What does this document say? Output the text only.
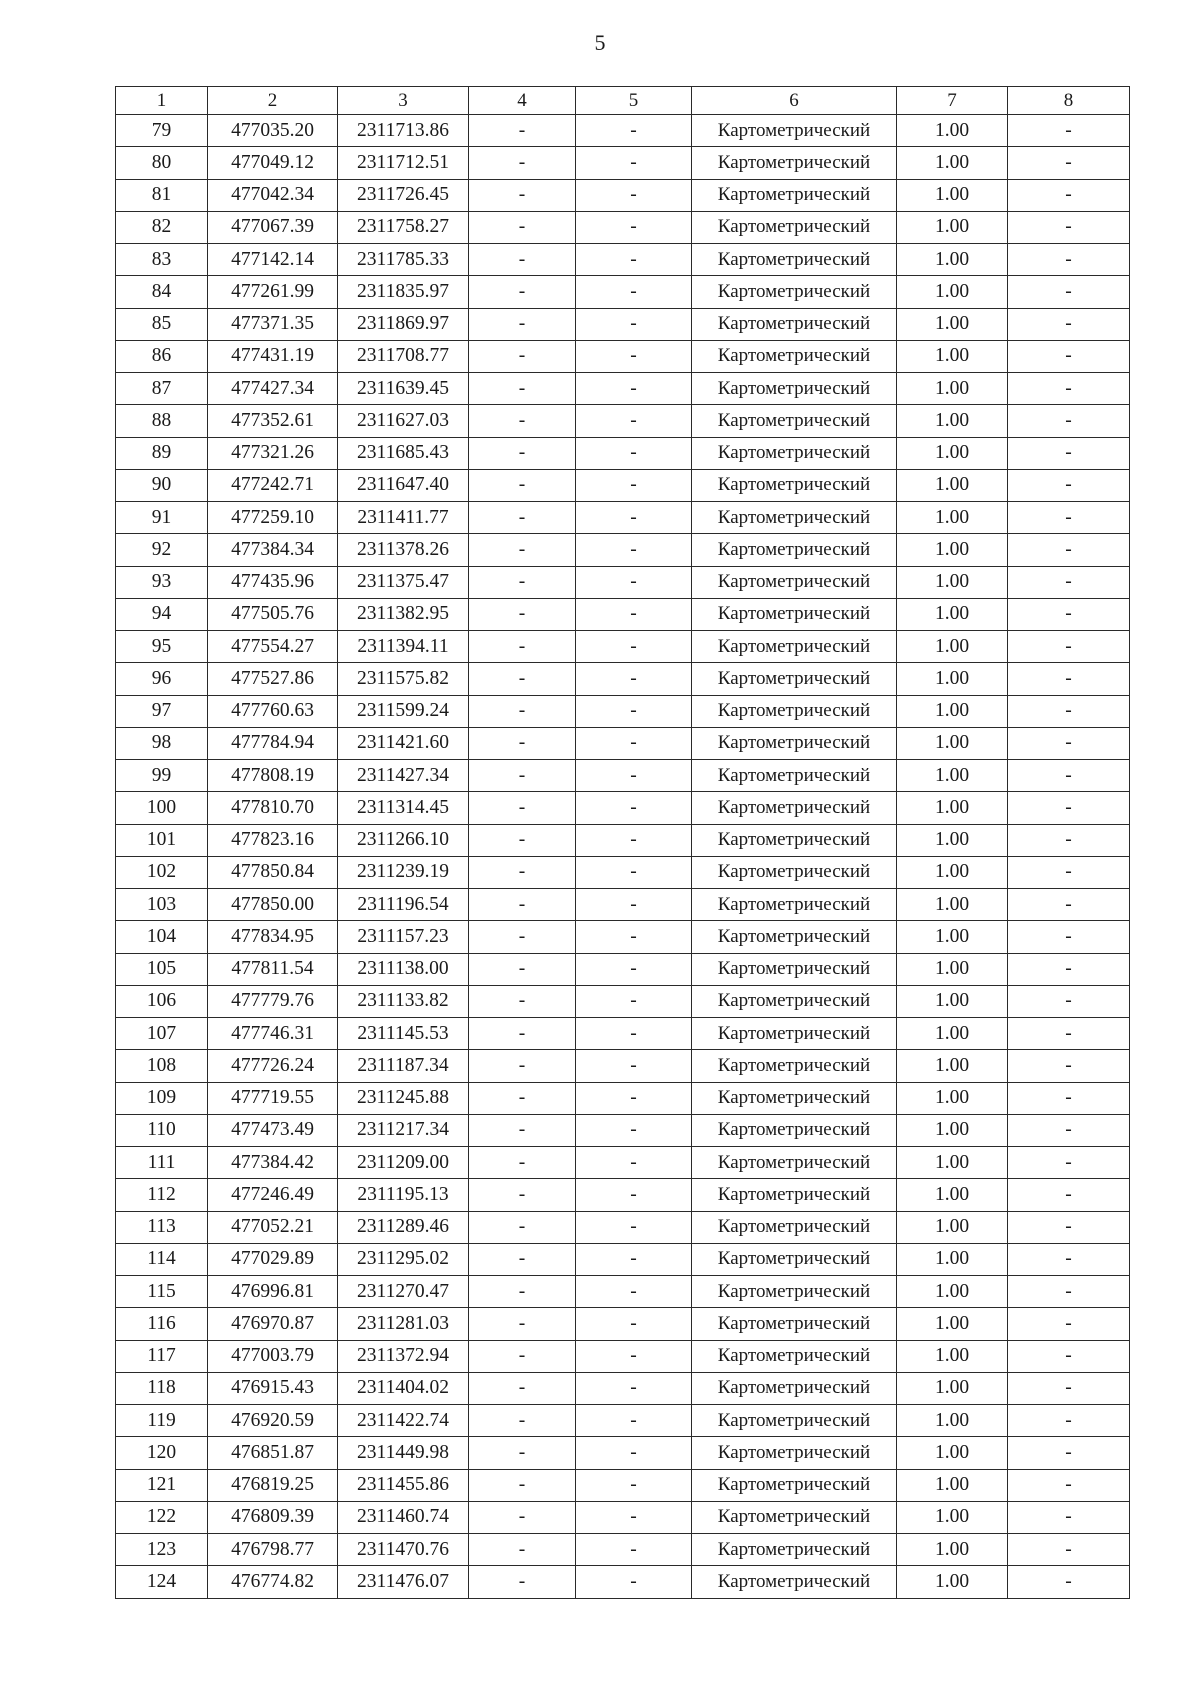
5
1	2	3	4	5	6	7	8
79	477035.20	2311713.86	-	-	Картометрический	1.00	-
80	477049.12	2311712.51	-	-	Картометрический	1.00	-
81	477042.34	2311726.45	-	-	Картометрический	1.00	-
82	477067.39	2311758.27	-	-	Картометрический	1.00	-
83	477142.14	2311785.33	-	-	Картометрический	1.00	-
84	477261.99	2311835.97	-	-	Картометрический	1.00	-
85	477371.35	2311869.97	-	-	Картометрический	1.00	-
86	477431.19	2311708.77	-	-	Картометрический	1.00	-
87	477427.34	2311639.45	-	-	Картометрический	1.00	-
88	477352.61	2311627.03	-	-	Картометрический	1.00	-
89	477321.26	2311685.43	-	-	Картометрический	1.00	-
90	477242.71	2311647.40	-	-	Картометрический	1.00	-
91	477259.10	2311411.77	-	-	Картометрический	1.00	-
92	477384.34	2311378.26	-	-	Картометрический	1.00	-
93	477435.96	2311375.47	-	-	Картометрический	1.00	-
94	477505.76	2311382.95	-	-	Картометрический	1.00	-
95	477554.27	2311394.11	-	-	Картометрический	1.00	-
96	477527.86	2311575.82	-	-	Картометрический	1.00	-
97	477760.63	2311599.24	-	-	Картометрический	1.00	-
98	477784.94	2311421.60	-	-	Картометрический	1.00	-
99	477808.19	2311427.34	-	-	Картометрический	1.00	-
100	477810.70	2311314.45	-	-	Картометрический	1.00	-
101	477823.16	2311266.10	-	-	Картометрический	1.00	-
102	477850.84	2311239.19	-	-	Картометрический	1.00	-
103	477850.00	2311196.54	-	-	Картометрический	1.00	-
104	477834.95	2311157.23	-	-	Картометрический	1.00	-
105	477811.54	2311138.00	-	-	Картометрический	1.00	-
106	477779.76	2311133.82	-	-	Картометрический	1.00	-
107	477746.31	2311145.53	-	-	Картометрический	1.00	-
108	477726.24	2311187.34	-	-	Картометрический	1.00	-
109	477719.55	2311245.88	-	-	Картометрический	1.00	-
110	477473.49	2311217.34	-	-	Картометрический	1.00	-
111	477384.42	2311209.00	-	-	Картометрический	1.00	-
112	477246.49	2311195.13	-	-	Картометрический	1.00	-
113	477052.21	2311289.46	-	-	Картометрический	1.00	-
114	477029.89	2311295.02	-	-	Картометрический	1.00	-
115	476996.81	2311270.47	-	-	Картометрический	1.00	-
116	476970.87	2311281.03	-	-	Картометрический	1.00	-
117	477003.79	2311372.94	-	-	Картометрический	1.00	-
118	476915.43	2311404.02	-	-	Картометрический	1.00	-
119	476920.59	2311422.74	-	-	Картометрический	1.00	-
120	476851.87	2311449.98	-	-	Картометрический	1.00	-
121	476819.25	2311455.86	-	-	Картометрический	1.00	-
122	476809.39	2311460.74	-	-	Картометрический	1.00	-
123	476798.77	2311470.76	-	-	Картометрический	1.00	-
124	476774.82	2311476.07	-	-	Картометрический	1.00	-
